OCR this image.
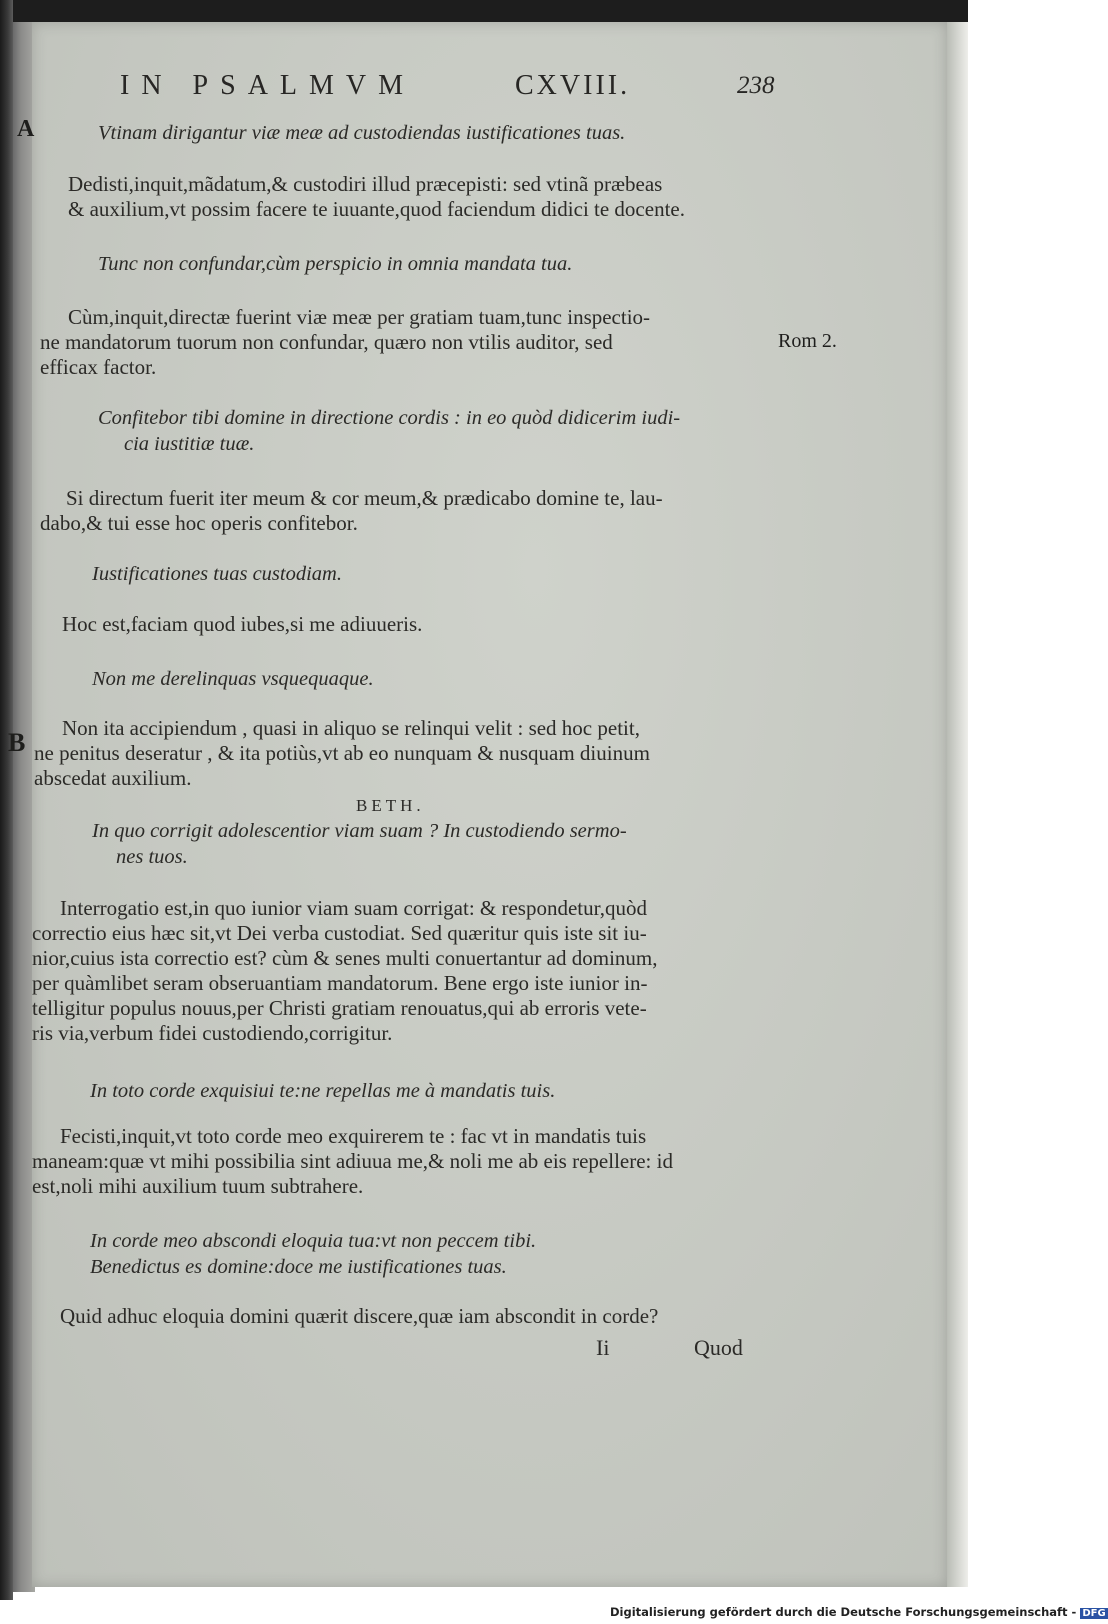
IN PSALMVM	CXVIII.	238
A
B
Rom 2.
Vtinam dirigantur viæ meæ ad custodiendas iustificationes tuas.
Dedisti,inquit,mãdatum,& custodiri illud præcepisti: sed vtinã præbeas
& auxilium,vt possim facere te iuuante,quod faciendum didici te docente.
Tunc non confundar,cùm perspicio in omnia mandata tua.
Cùm,inquit,directæ fuerint viæ meæ per gratiam tuam,tunc inspectio-
ne mandatorum tuorum non confundar, quæro non vtilis auditor, sed
efficax factor.
Confitebor tibi domine in directione cordis : in eo quòd didicerim iudi-
cia iustitiæ tuæ.
Si directum fuerit iter meum & cor meum,& prædicabo domine te, lau-
dabo,& tui esse hoc operis confitebor.
Iustificationes tuas custodiam.
Hoc est,faciam quod iubes,si me adiuueris.
Non me derelinquas vsquequaque.
Non ita accipiendum , quasi in aliquo se relinqui velit : sed hoc petit,
ne penitus deseratur , & ita potiùs,vt ab eo nunquam & nusquam diuinum
abscedat auxilium.
BETH.
In quo corrigit adolescentior viam suam ? In custodiendo sermo-
nes tuos.
Interrogatio est,in quo iunior viam suam corrigat: & respondetur,quòd
correctio eius hæc sit,vt Dei verba custodiat. Sed quæritur quis iste sit iu-
nior,cuius ista correctio est? cùm & senes multi conuertantur ad dominum,
per quàmlibet seram obseruantiam mandatorum. Bene ergo iste iunior in-
telligitur populus nouus,per Christi gratiam renouatus,qui ab erroris vete-
ris via,verbum fidei custodiendo,corrigitur.
In toto corde exquisiui te:ne repellas me à mandatis tuis.
Fecisti,inquit,vt toto corde meo exquirerem te : fac vt in mandatis tuis
maneam:quæ vt mihi possibilia sint adiuua me,& noli me ab eis repellere: id
est,noli mihi auxilium tuum subtrahere.
In corde meo abscondi eloquia tua:vt non peccem tibi.
Benedictus es domine:doce me iustificationes tuas.
Quid adhuc eloquia domini quærit discere,quæ iam abscondit in corde?
Ii	Quod
Digitalisierung gefördert durch die Deutsche Forschungsgemeinschaft - DFG
